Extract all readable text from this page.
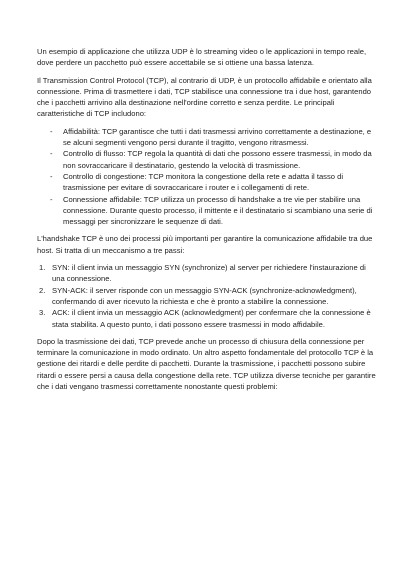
Un esempio di applicazione che utilizza UDP è lo streaming video o le applicazioni in tempo reale, dove perdere un pacchetto può essere accettabile se si ottiene una bassa latenza.

Il Transmission Control Protocol (TCP), al contrario di UDP, è un protocollo affidabile e orientato alla connessione. Prima di trasmettere i dati, TCP stabilisce una connessione tra i due host, garantendo che i pacchetti arrivino alla destinazione nell'ordine corretto e senza perdite. Le principali caratteristiche di TCP includono:

- Affidabilità: TCP garantisce che tutti i dati trasmessi arrivino correttamente a destinazione, e se alcuni segmenti vengono persi durante il tragitto, vengono ritrasmessi.
- Controllo di flusso: TCP regola la quantità di dati che possono essere trasmessi, in modo da non sovraccaricare il destinatario, gestendo la velocità di trasmissione.
- Controllo di congestione: TCP monitora la congestione della rete e adatta il tasso di trasmissione per evitare di sovraccaricare i router e i collegamenti di rete.
- Connessione affidabile: TCP utilizza un processo di handshake a tre vie per stabilire una connessione. Durante questo processo, il mittente e il destinatario si scambiano una serie di messaggi per sincronizzare le sequenze di dati.

L'handshake TCP è uno dei processi più importanti per garantire la comunicazione affidabile tra due host. Si tratta di un meccanismo a tre passi:

1. SYN: il client invia un messaggio SYN (synchronize) al server per richiedere l'instaurazione di una connessione.
2. SYN-ACK: il server risponde con un messaggio SYN-ACK (synchronize-acknowledgment), confermando di aver ricevuto la richiesta e che è pronto a stabilire la connessione.
3. ACK: il client invia un messaggio ACK (acknowledgment) per confermare che la connessione è stata stabilita. A questo punto, i dati possono essere trasmessi in modo affidabile.

Dopo la trasmissione dei dati, TCP prevede anche un processo di chiusura della connessione per terminare la comunicazione in modo ordinato. Un altro aspetto fondamentale del protocollo TCP è la gestione dei ritardi e delle perdite di pacchetti. Durante la trasmissione, i pacchetti possono subire ritardi o essere persi a causa della congestione della rete. TCP utilizza diverse tecniche per garantire che i dati vengano trasmessi correttamente nonostante questi problemi:
